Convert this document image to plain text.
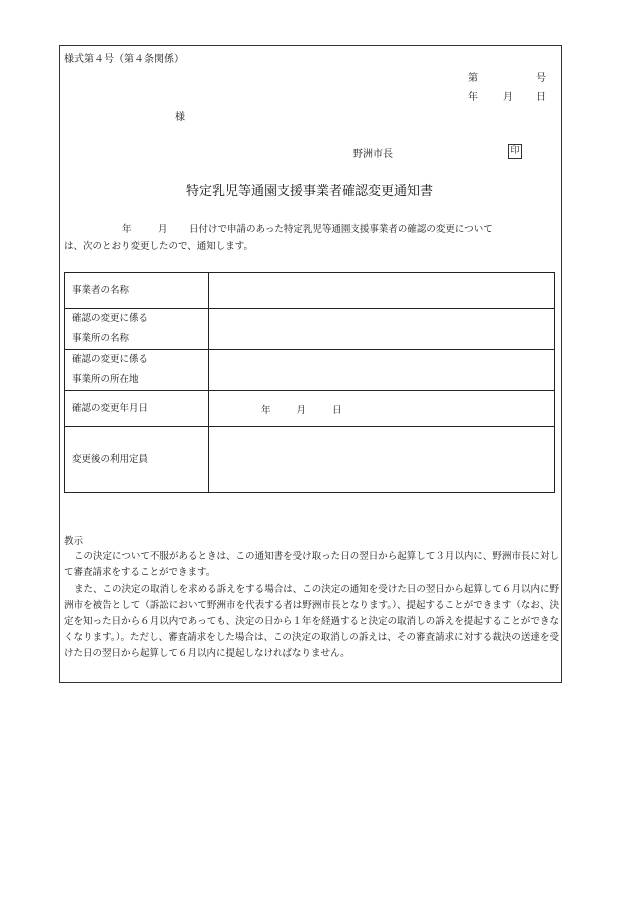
様式第４号（第４条関係）
第	号
年	月 日
様
野洲市長	印
特定乳児等通園支援事業者確認変更通知書
年	月 日付けで申請のあった特定乳児等通園支援事業者の確認の変更について
は、次のとおり変更したので、通知します。
事業者の名称	

確認の変更に係る
事業所の名称	

確認の変更に係る
事業所の所在地	

確認の変更年月日	年 月 日
変更後の利用定員	
教示
この決定について不服があるときは、この通知書を受け取った日の翌日から起算して３月以内に、野洲市長に対して審査請求をすることができます。
また、この決定の取消しを求める訴えをする場合は、この決定の通知を受けた日の翌日から起算して６月以内に野洲市を被告として（訴訟において野洲市を代表する者は野洲市長となります。）、提起することができます（なお、決定を知った日から６月以内であっても、決定の日から１年を経過すると決定の取消しの訴えを提起することができなくなります。）。ただし、審査請求をした場合は、この決定の取消しの訴えは、その審査請求に対する裁決の送達を受けた日の翌日から起算して６月以内に提起しなければなりません。
